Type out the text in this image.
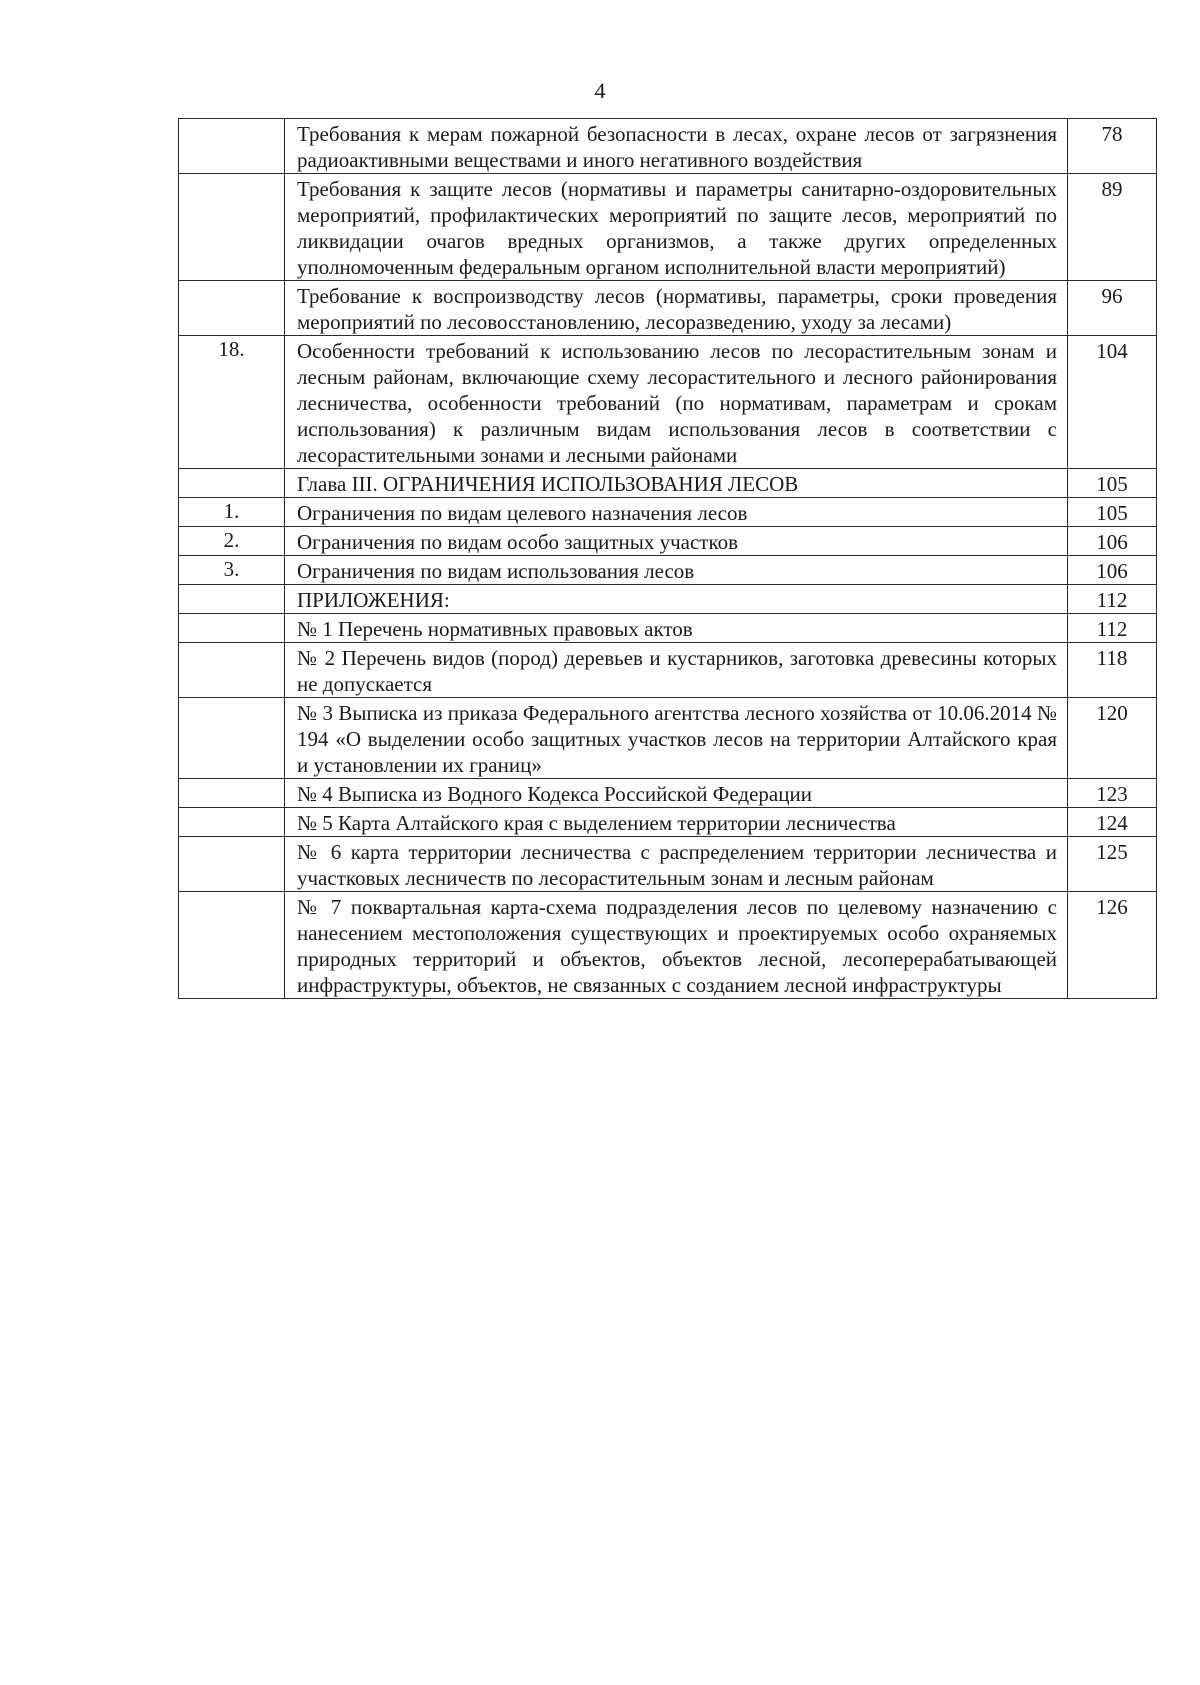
4
	Требования к мерам пожарной безопасности в лесах, охране лесов от загрязнения радиоактивными веществами и иного негативного воздействия	78
	Требования к защите лесов (нормативы и параметры санитарно-оздоровительных мероприятий, профилактических мероприятий по защите лесов, мероприятий по ликвидации очагов вредных организмов, а также других определенных уполномоченным федеральным органом исполнительной власти мероприятий)	89
	Требование к воспроизводству лесов (нормативы, параметры, сроки проведения мероприятий по лесовосстановлению, лесоразведению, уходу за лесами)	96
18.	Особенности требований к использованию лесов по лесорастительным зонам и лесным районам, включающие схему лесорастительного и лесного районирования лесничества, особенности требований (по нормативам, параметрам и срокам использования) к различным видам использования лесов в соответствии с лесорастительными зонами и лесными районами	104
	Глава III. ОГРАНИЧЕНИЯ ИСПОЛЬЗОВАНИЯ ЛЕСОВ	105
1.	Ограничения по видам целевого назначения лесов	105
2.	Ограничения по видам особо защитных участков	106
3.	Ограничения по видам использования лесов	106
	ПРИЛОЖЕНИЯ:	112
	№ 1 Перечень нормативных правовых актов	112
	№ 2 Перечень видов (пород) деревьев и кустарников, заготовка древесины которых не допускается	118
	№ 3 Выписка из приказа Федерального агентства лесного хозяйства от 10.06.2014 № 194 «О выделении особо защитных участков лесов на территории Алтайского края и установлении их границ»	120
	№ 4 Выписка из Водного Кодекса Российской Федерации	123
	№ 5 Карта Алтайского края с выделением территории лесничества	124
	№ 6 карта территории лесничества с распределением территории лесничества и участковых лесничеств по лесорастительным зонам и лесным районам	125
	№ 7 поквартальная карта-схема подразделения лесов по целевому назначению с нанесением местоположения существующих и проектируемых особо охраняемых природных территорий и объектов, объектов лесной, лесоперерабатывающей инфраструктуры, объектов, не связанных с созданием лесной инфраструктуры	126
